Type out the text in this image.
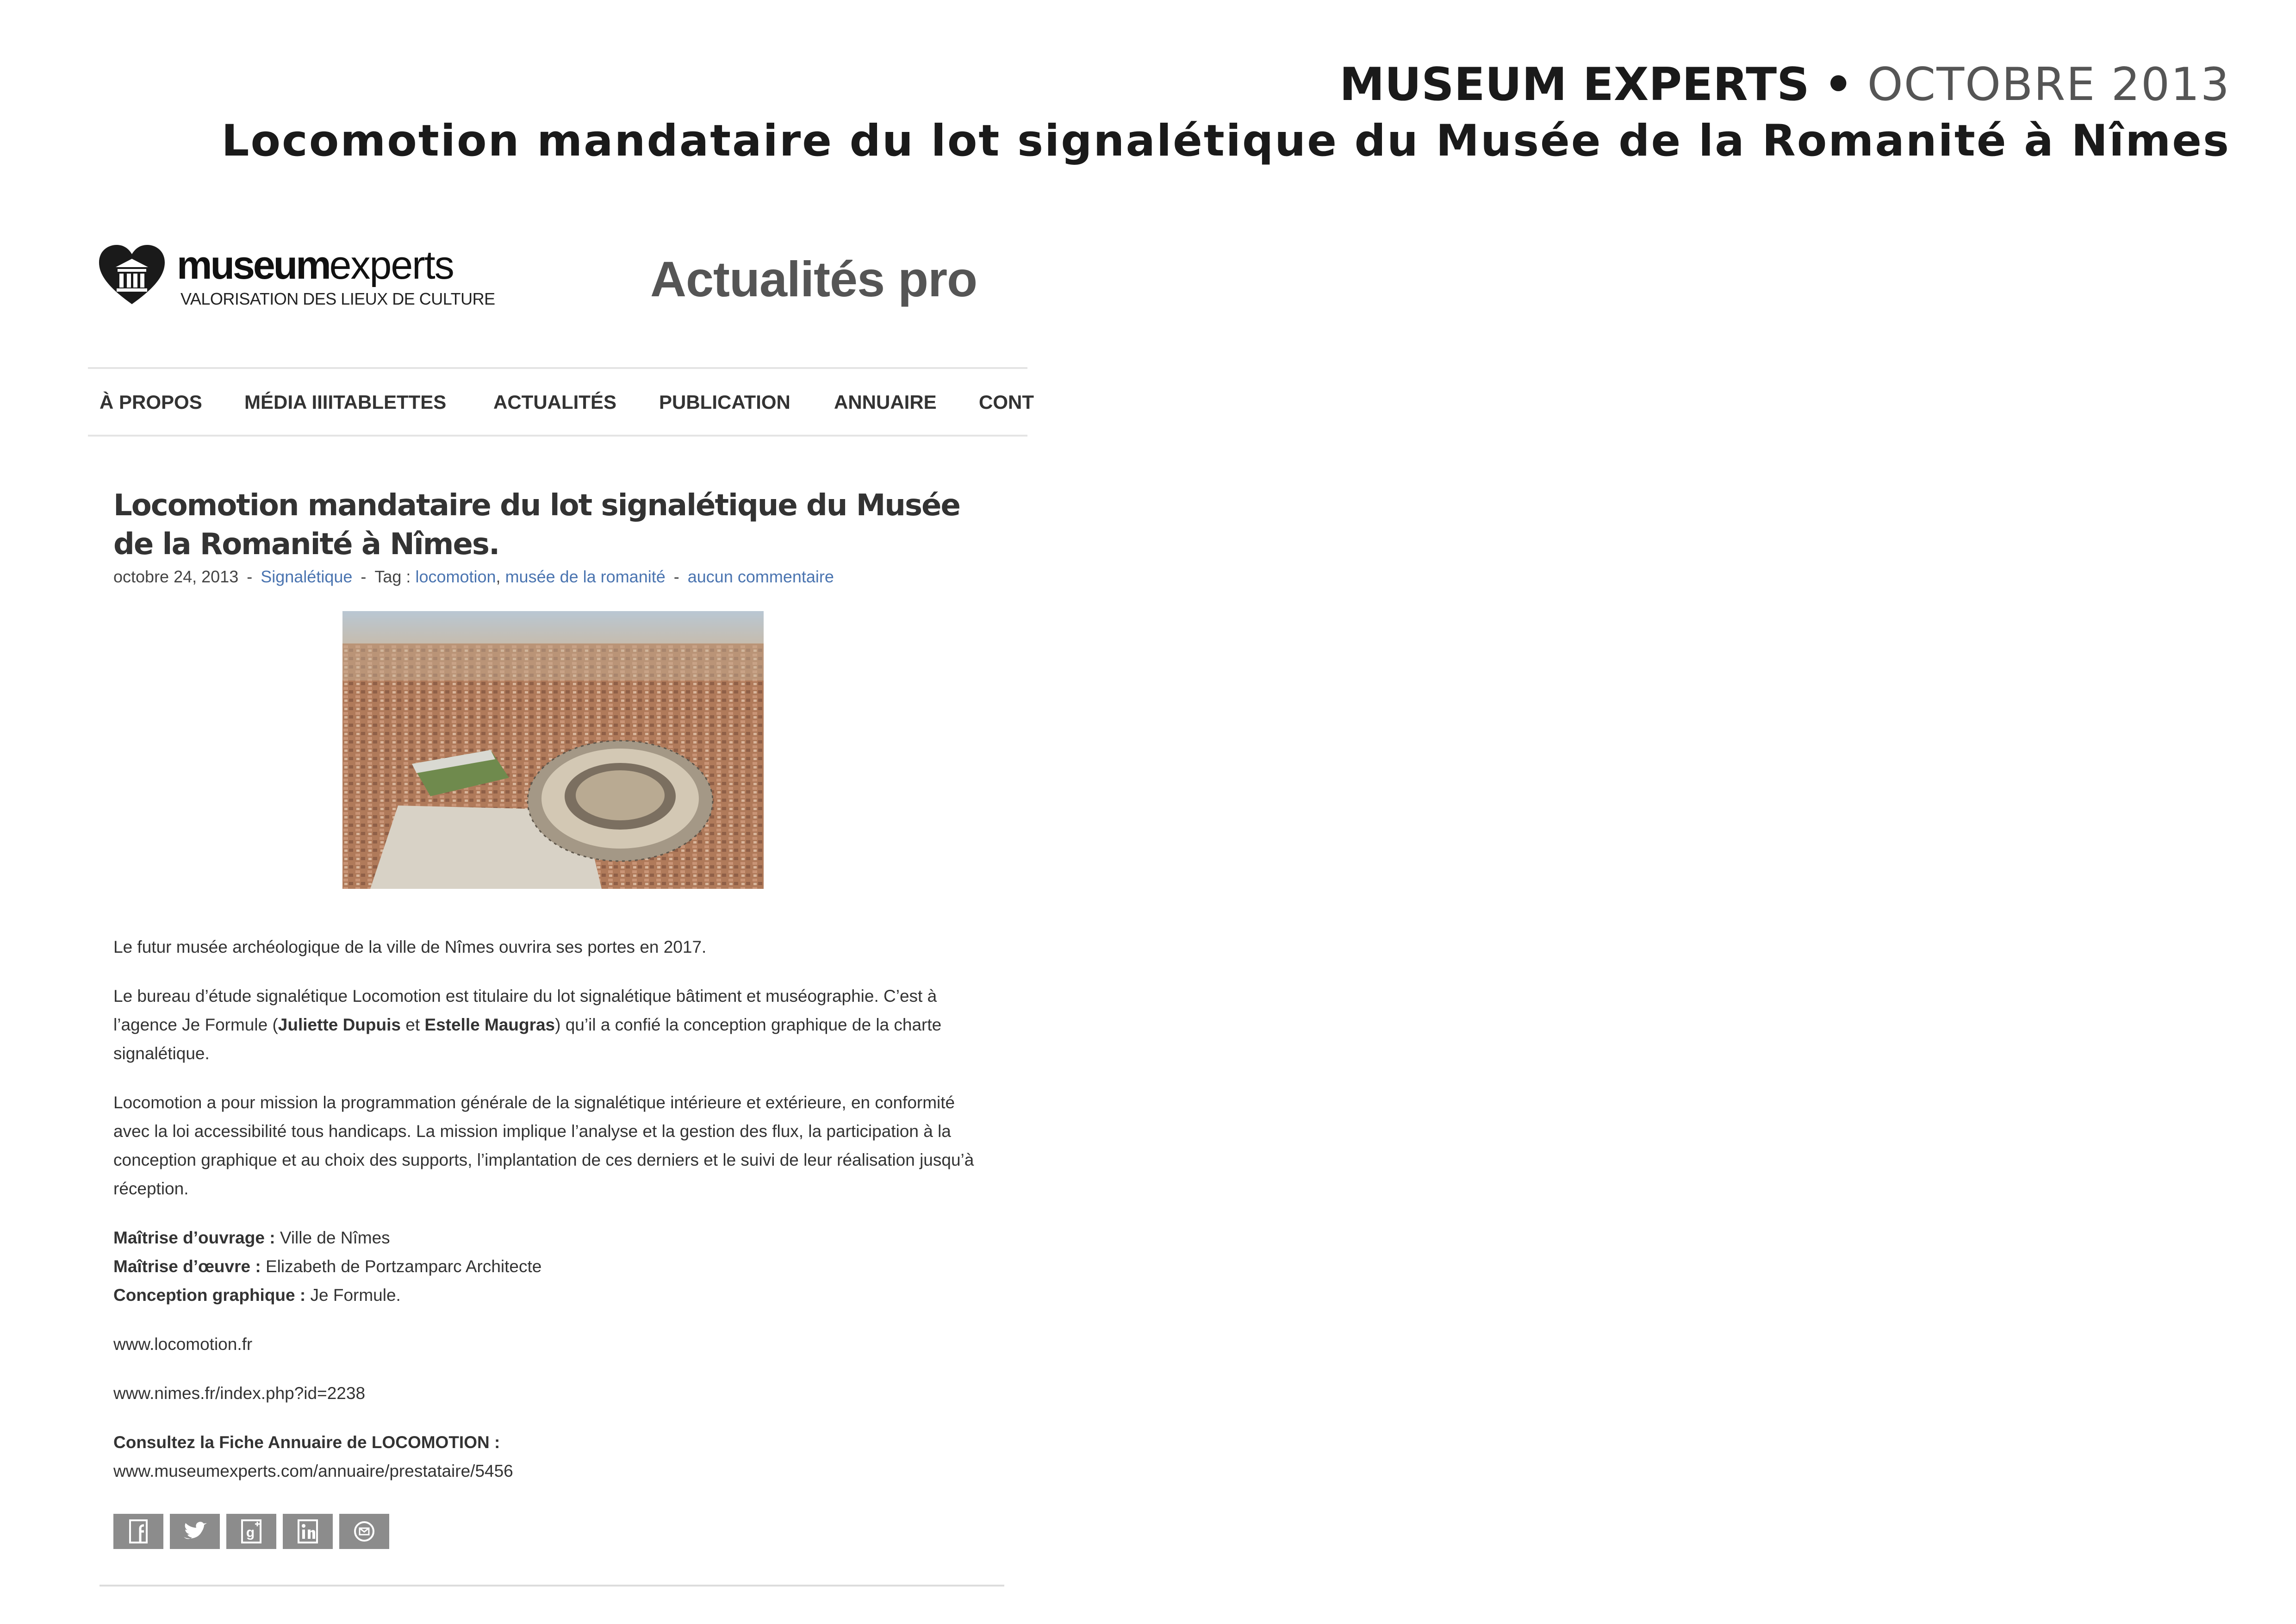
MUSEUM EXPERTS • OCTOBRE 2013
Locomotion mandataire du lot signalétique du Musée de la Romanité à Nîmes
museumexperts
VALORISATION DES LIEUX DE CULTURE	Actualités pro
À PROPOS MÉDIA IIIITABLETTES ACTUALITÉS PUBLICATION ANNUAIRE CONT
Locomotion mandataire du lot signalétique du Musée de la Romanité à Nîmes.
octobre 24, 2013 - Signalétique - Tag : locomotion, musée de la romanité - aucun commentaire

Le futur musée archéologique de la ville de Nîmes ouvrira ses portes en 2017.

Le bureau d’étude signalétique Locomotion est titulaire du lot signalétique bâtiment et muséographie. C’est à l’agence Je Formule (Juliette Dupuis et Estelle Maugras) qu’il a confié la conception graphique de la charte signalétique.

Locomotion a pour mission la programmation générale de la signalétique intérieure et extérieure, en conformité avec la loi accessibilité tous handicaps. La mission implique l’analyse et la gestion des flux, la participation à la conception graphique et au choix des supports, l’implantation de ces derniers et le suivi de leur réalisation jusqu’à réception.

Maîtrise d’ouvrage : Ville de Nîmes
Maîtrise d’œuvre : Elizabeth de Portzamparc Architecte
Conception graphique : Je Formule.

www.locomotion.fr

www.nimes.fr/index.php?id=2238

Consultez la Fiche Annuaire de LOCOMOTION :
www.museumexperts.com/annuaire/prestataire/5456

g
